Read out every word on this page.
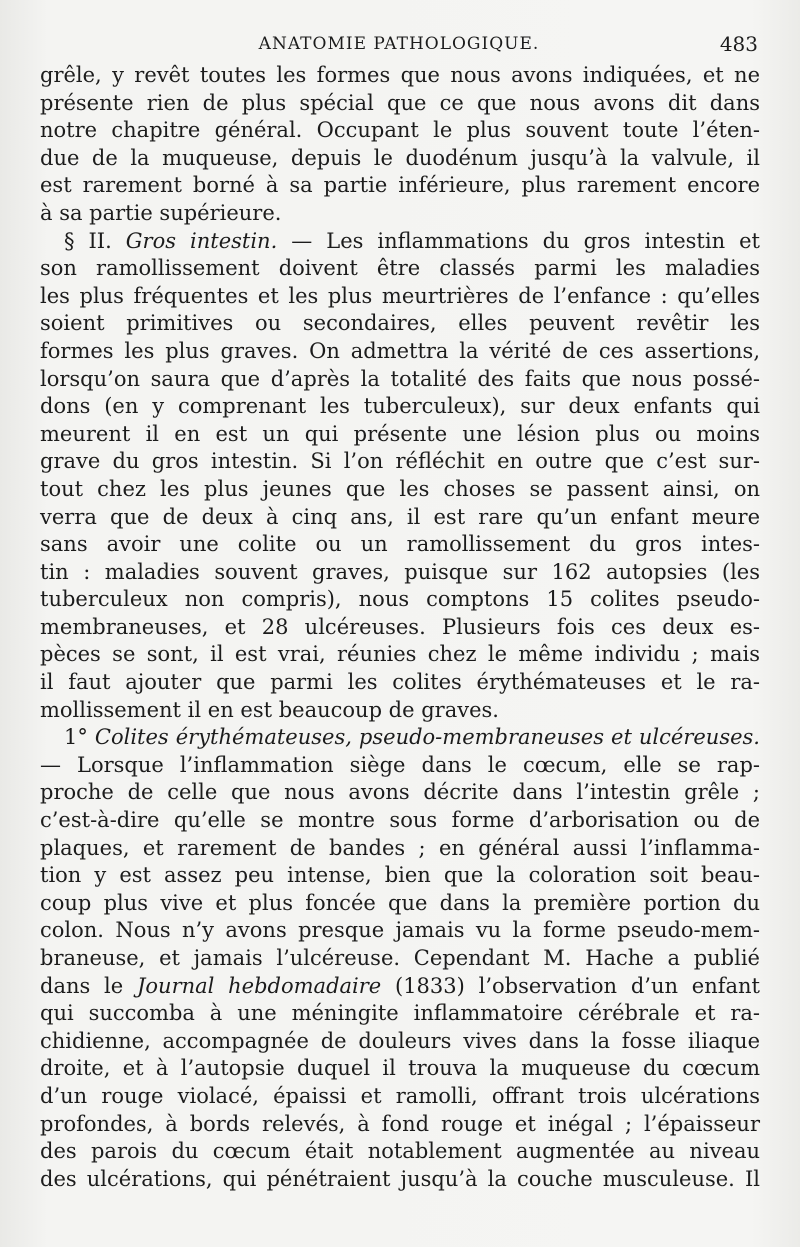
ANATOMIE PATHOLOGIQUE.	483
grêle, y revêt toutes les formes que nous avons indiquées, et ne
présente rien de plus spécial que ce que nous avons dit dans
notre chapitre général. Occupant le plus souvent toute l’éten-
due de la muqueuse, depuis le duodénum jusqu’à la valvule, il
est rarement borné à sa partie inférieure, plus rarement encore
à sa partie supérieure.
§ II. Gros intestin. — Les inflammations du gros intestin et
son ramollissement doivent être classés parmi les maladies
les plus fréquentes et les plus meurtrières de l’enfance : qu’elles
soient primitives ou secondaires, elles peuvent revêtir les
formes les plus graves. On admettra la vérité de ces assertions,
lorsqu’on saura que d’après la totalité des faits que nous possé-
dons (en y comprenant les tuberculeux), sur deux enfants qui
meurent il en est un qui présente une lésion plus ou moins
grave du gros intestin. Si l’on réfléchit en outre que c’est sur-
tout chez les plus jeunes que les choses se passent ainsi, on
verra que de deux à cinq ans, il est rare qu’un enfant meure
sans avoir une colite ou un ramollissement du gros intes-
tin : maladies souvent graves, puisque sur 162 autopsies (les
tuberculeux non compris), nous comptons 15 colites pseudo-
membraneuses, et 28 ulcéreuses. Plusieurs fois ces deux es-
pèces se sont, il est vrai, réunies chez le même individu ; mais
il faut ajouter que parmi les colites érythémateuses et le ra-
mollissement il en est beaucoup de graves.
1° Colites érythémateuses, pseudo-membraneuses et ulcéreuses.
— Lorsque l’inflammation siège dans le cœcum, elle se rap-
proche de celle que nous avons décrite dans l’intestin grêle ;
c’est-à-dire qu’elle se montre sous forme d’arborisation ou de
plaques, et rarement de bandes ; en général aussi l’inflamma-
tion y est assez peu intense, bien que la coloration soit beau-
coup plus vive et plus foncée que dans la première portion du
colon. Nous n’y avons presque jamais vu la forme pseudo-mem-
braneuse, et jamais l’ulcéreuse. Cependant M. Hache a publié
dans le Journal hebdomadaire (1833) l’observation d’un enfant
qui succomba à une méningite inflammatoire cérébrale et ra-
chidienne, accompagnée de douleurs vives dans la fosse iliaque
droite, et à l’autopsie duquel il trouva la muqueuse du cœcum
d’un rouge violacé, épaissi et ramolli, offrant trois ulcérations
profondes, à bords relevés, à fond rouge et inégal ; l’épaisseur
des parois du cœcum était notablement augmentée au niveau
des ulcérations, qui pénétraient jusqu’à la couche musculeuse. Il
